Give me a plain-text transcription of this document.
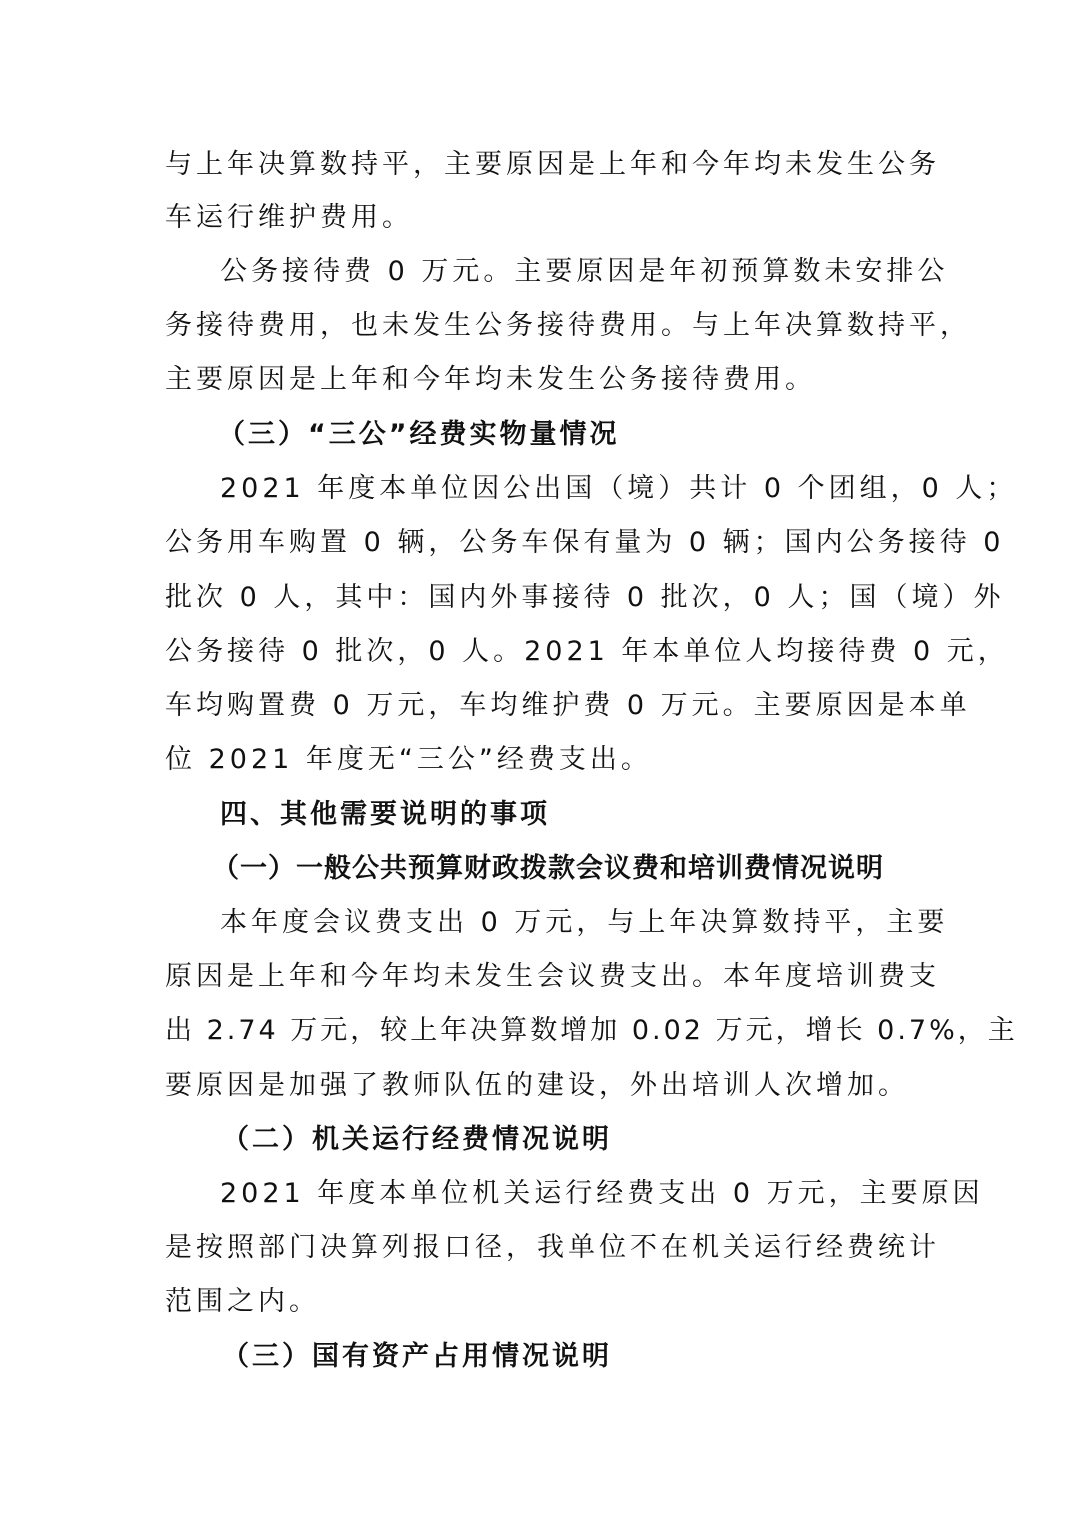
与上年决算数持平，主要原因是上年和今年均未发生公务
车运行维护费用。
公务接待费 0 万元。主要原因是年初预算数未安排公
务接待费用，也未发生公务接待费用。与上年决算数持平，
主要原因是上年和今年均未发生公务接待费用。
（三）“三公”经费实物量情况
2021 年度本单位因公出国（境）共计 0 个团组，0 人；
公务用车购置 0 辆，公务车保有量为 0 辆；国内公务接待 0
批次 0 人，其中：国内外事接待 0 批次，0 人；国（境）外
公务接待 0 批次，0 人。2021 年本单位人均接待费 0 元，
车均购置费 0 万元，车均维护费 0 万元。主要原因是本单
位 2021 年度无“三公”经费支出。
四、其他需要说明的事项
（一）一般公共预算财政拨款会议费和培训费情况说明
本年度会议费支出 0 万元，与上年决算数持平，主要
原因是上年和今年均未发生会议费支出。本年度培训费支
出 2.74 万元，较上年决算数增加 0.02 万元，增长 0.7%，主
要原因是加强了教师队伍的建设，外出培训人次增加。
（二）机关运行经费情况说明
2021 年度本单位机关运行经费支出 0 万元，主要原因
是按照部门决算列报口径，我单位不在机关运行经费统计
范围之内。
（三）国有资产占用情况说明
